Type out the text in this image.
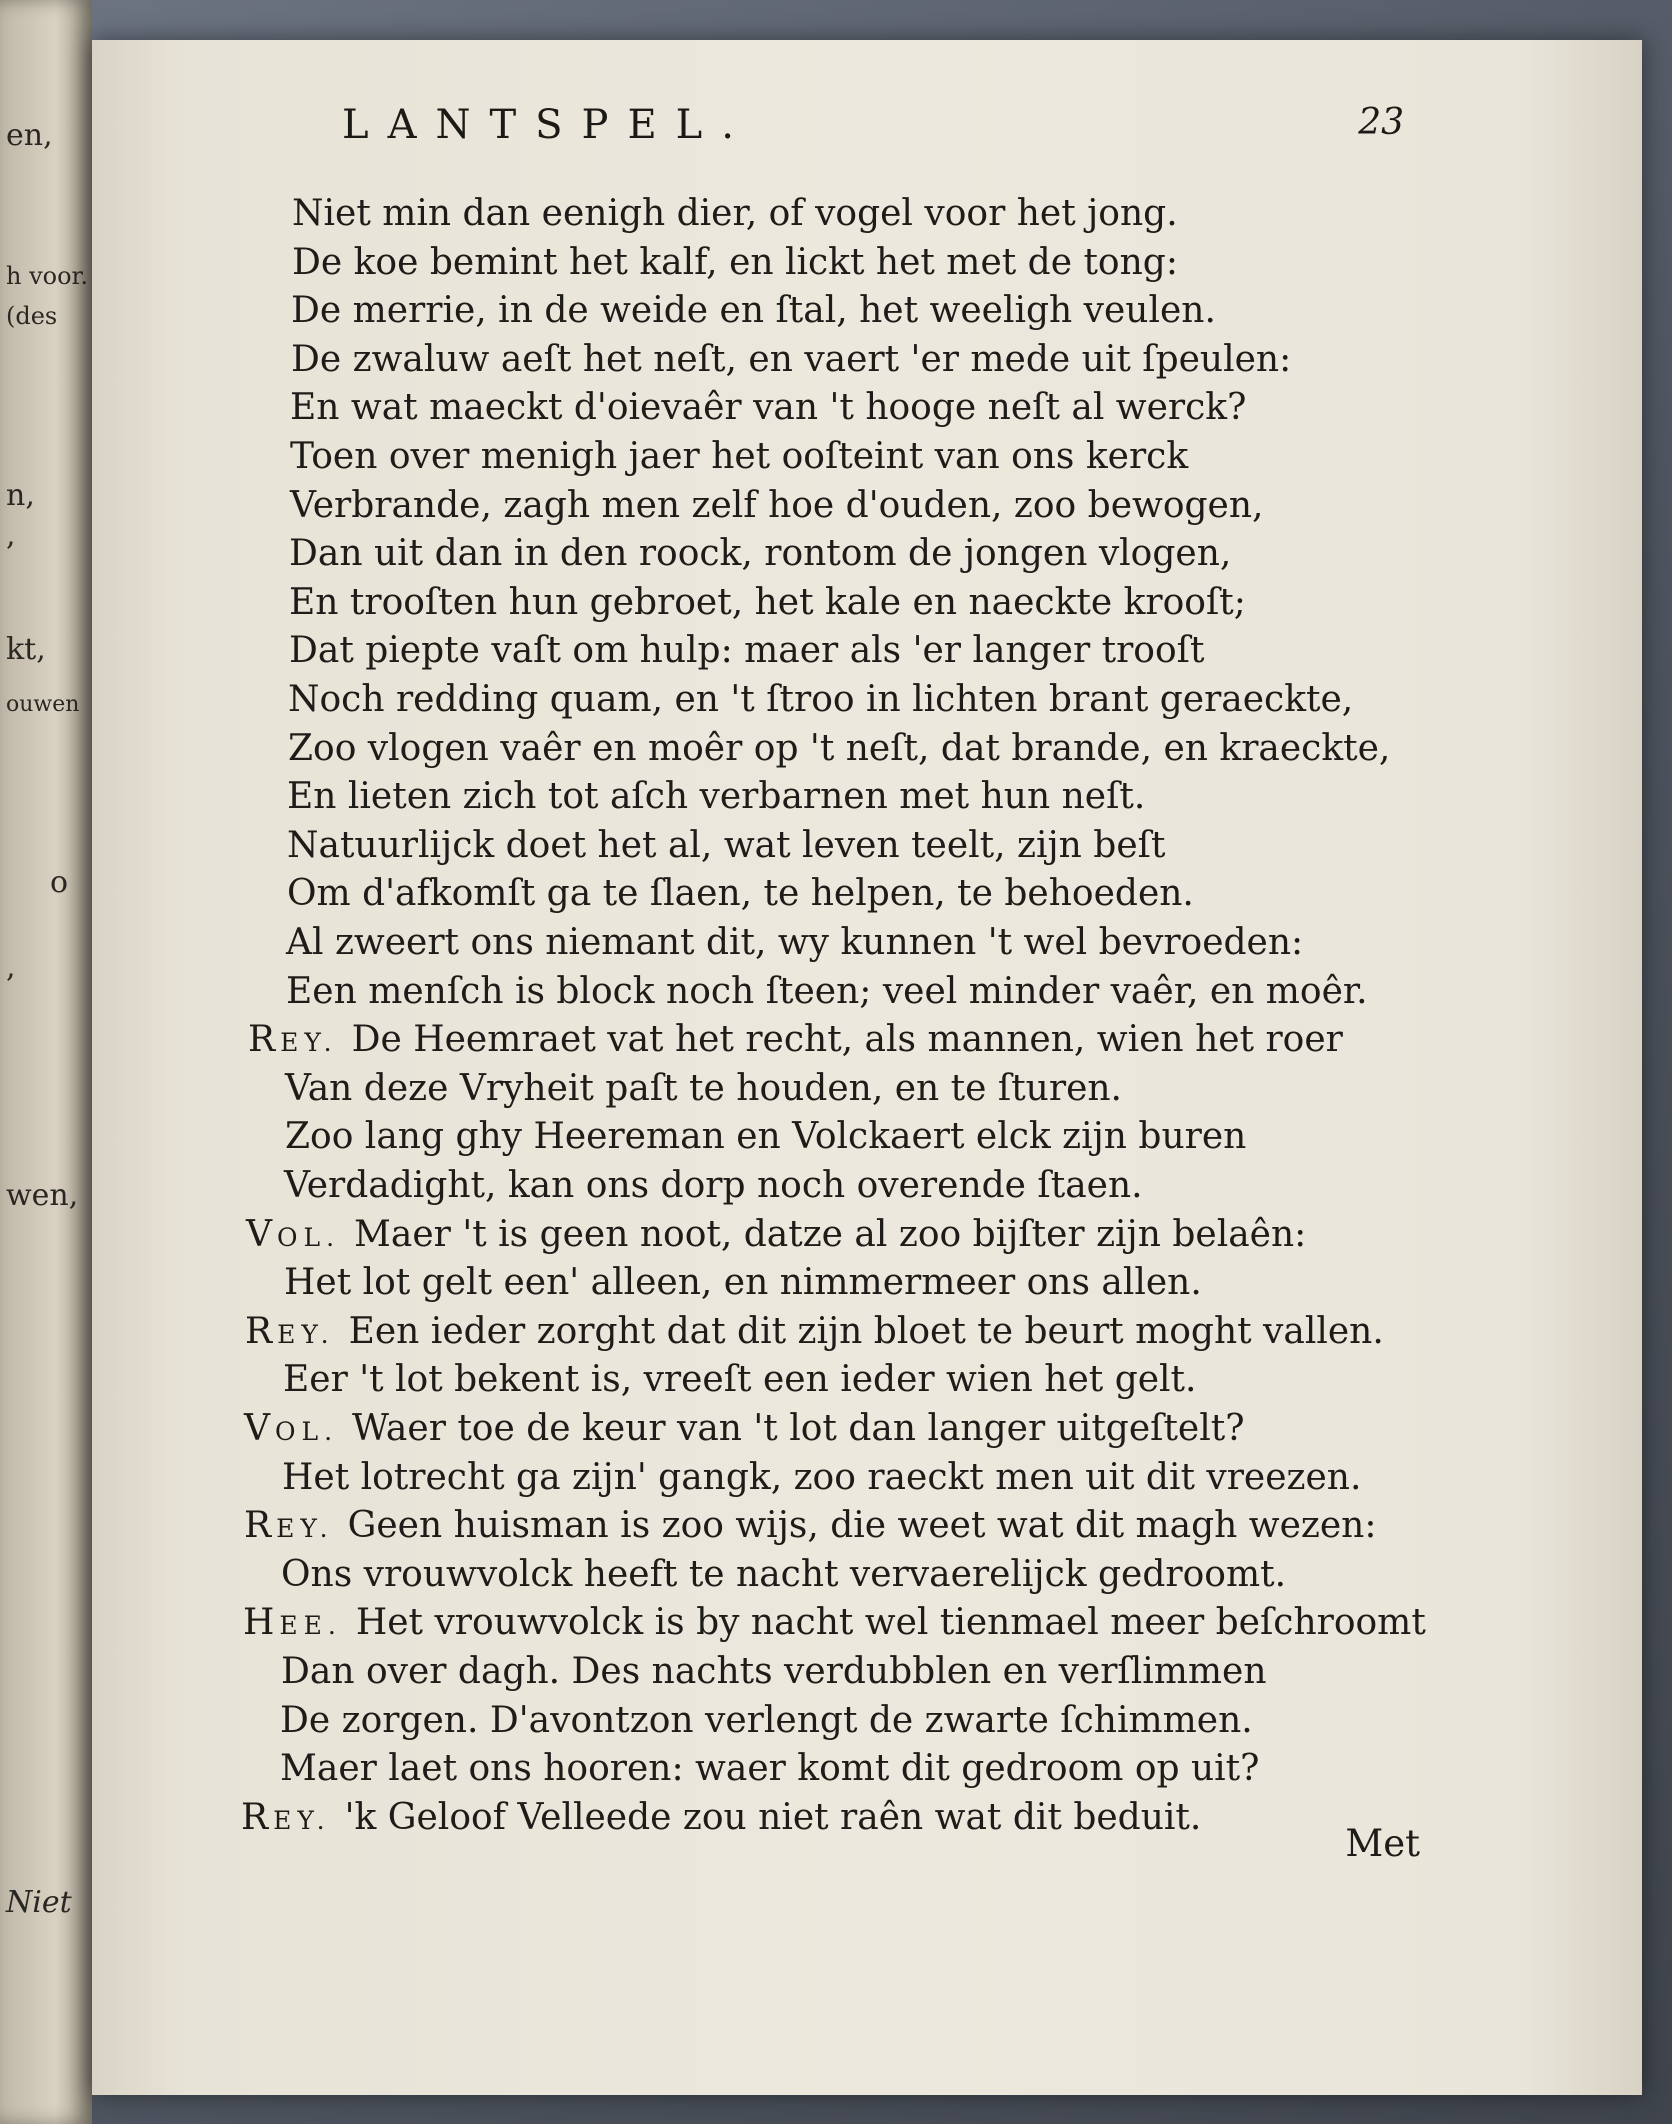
en,
h voor.
(des
n,
,
kt,
ouwen
o
,
wen,
Niet
LANTSPEL.	23
Niet min dan eenigh dier, of vogel voor het jong.
De koe bemint het kalf, en lickt het met de tong:
De merrie, in de weide en ſtal, het weeligh veulen.
De zwaluw aeſt het neſt, en vaert 'er mede uit ſpeulen:
En wat maeckt d'oievaêr van 't hooge neſt al werck?
Toen over menigh jaer het ooſteint van ons kerck
Verbrande, zagh men zelf hoe d'ouden, zoo bewogen,
Dan uit dan in den roock, rontom de jongen vlogen,
En trooſten hun gebroet, het kale en naeckte krooſt;
Dat piepte vaſt om hulp: maer als 'er langer trooſt
Noch redding quam, en 't ſtroo in lichten brant geraeckte,
Zoo vlogen vaêr en moêr op 't neſt, dat brande, en kraeckte,
En lieten zich tot aſch verbarnen met hun neſt.
Natuurlijck doet het al, wat leven teelt, zijn beſt
Om d'afkomſt ga te ſlaen, te helpen, te behoeden.
Al zweert ons niemant dit, wy kunnen 't wel bevroeden:
Een menſch is block noch ſteen; veel minder vaêr, en moêr.
REY. De Heemraet vat het recht, als mannen, wien het roer
Van deze Vryheit paſt te houden, en te ſturen.
Zoo lang ghy Heereman en Volckaert elck zijn buren
Verdadight, kan ons dorp noch overende ſtaen.
VOL. Maer 't is geen noot, datze al zoo bijſter zijn belaên:
Het lot gelt een' alleen, en nimmermeer ons allen.
REY. Een ieder zorght dat dit zijn bloet te beurt moght vallen.
Eer 't lot bekent is, vreeſt een ieder wien het gelt.
VOL. Waer toe de keur van 't lot dan langer uitgeſtelt?
Het lotrecht ga zijn' gangk, zoo raeckt men uit dit vreezen.
REY. Geen huisman is zoo wijs, die weet wat dit magh wezen:
Ons vrouwvolck heeft te nacht vervaerelijck gedroomt.
HEE. Het vrouwvolck is by nacht wel tienmael meer beſchroomt
Dan over dagh. Des nachts verdubblen en verſlimmen
De zorgen. D'avontzon verlengt de zwarte ſchimmen.
Maer laet ons hooren: waer komt dit gedroom op uit?
REY. 'k Geloof Velleede zou niet raên wat dit beduit.
Met
